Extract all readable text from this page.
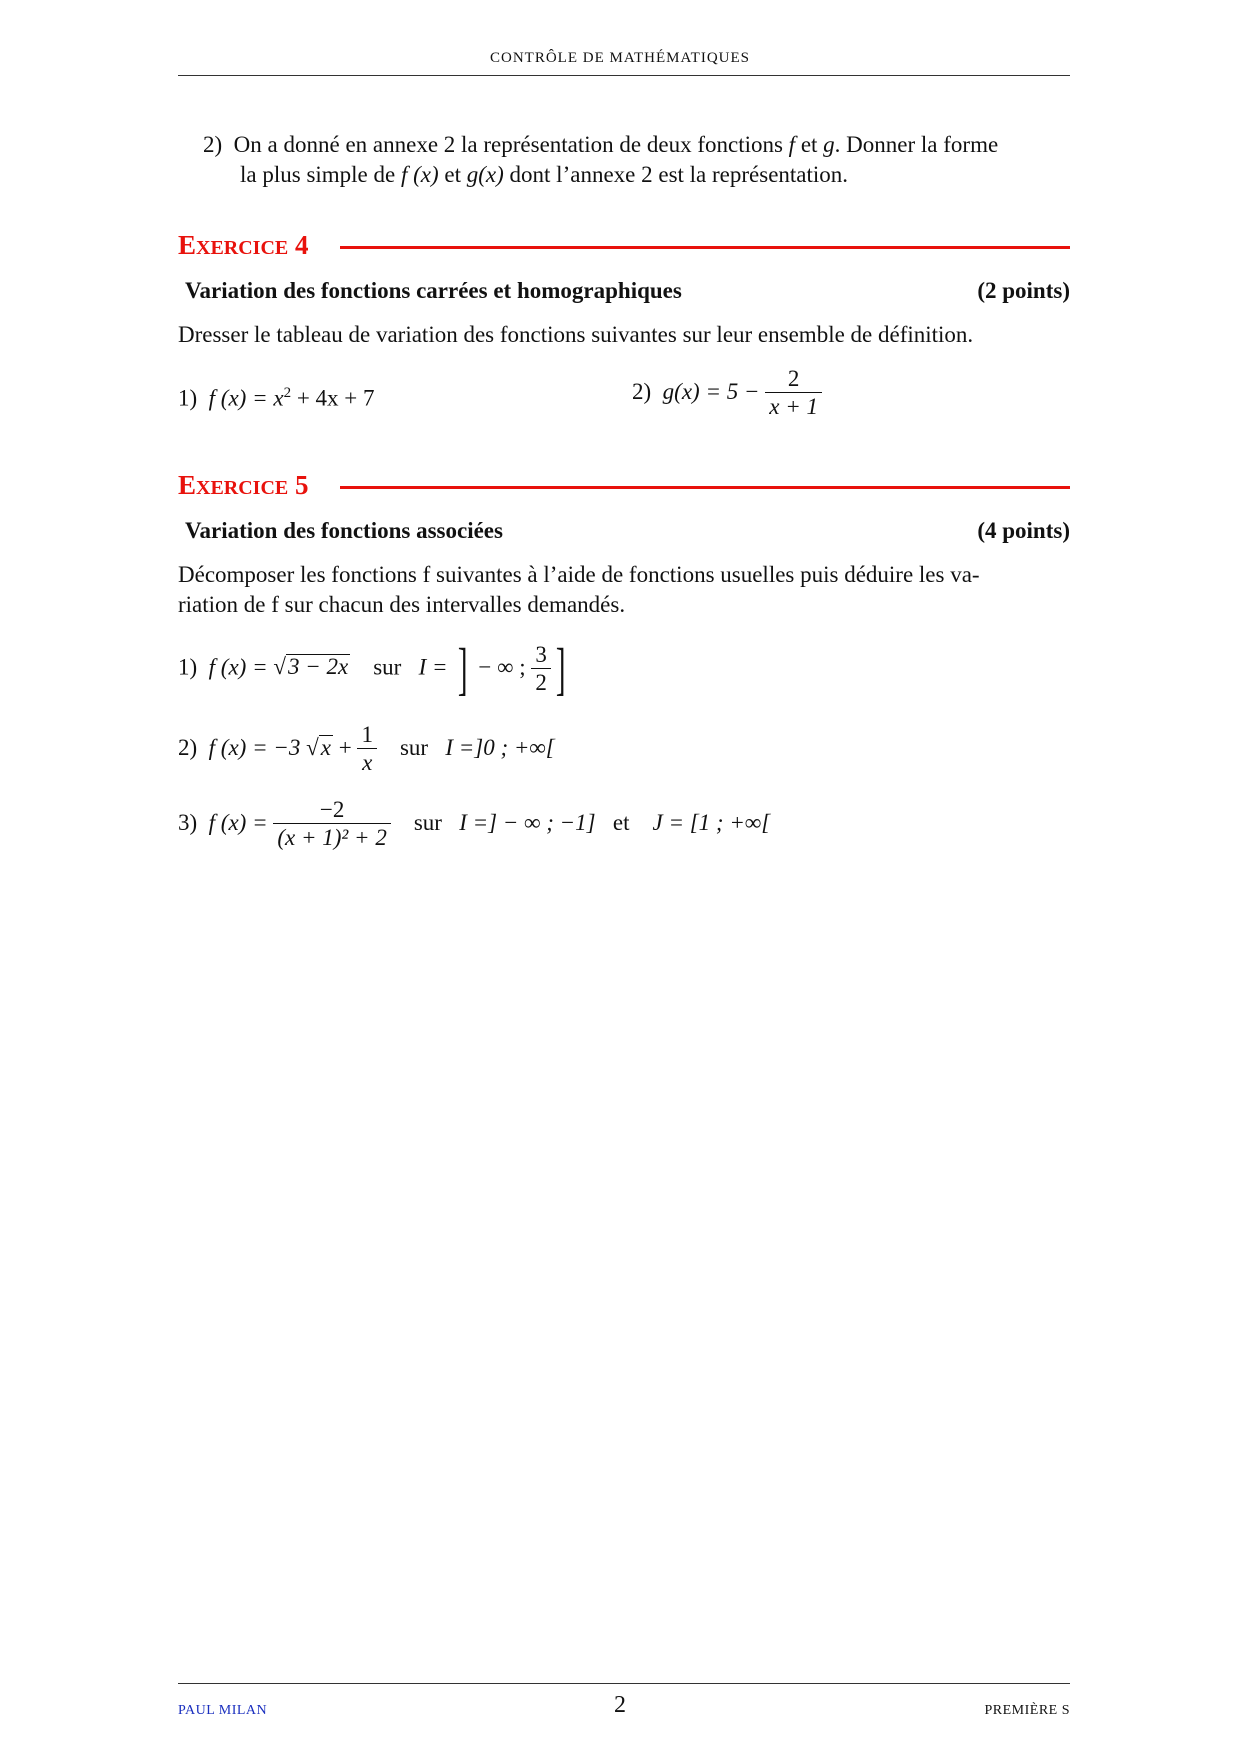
CONTRÔLE DE MATHÉMATIQUES
2) On a donné en annexe 2 la représentation de deux fonctions f et g. Donner la forme
la plus simple de f (x) et g(x) dont l’annexe 2 est la représentation.
EXERCICE 4
Variation des fonctions carrées et homographiques	(2 points)
Dresser le tableau de variation des fonctions suivantes sur leur ensemble de définition.
1) f $(x) = x^2 + 4x + 7$	2) $g(x) = 5 - \frac{2}{x + 1}$
EXERCICE 5
Variation des fonctions associées	(4 points)
Décomposer les fonctions f suivantes à l’aide de fonctions usuelles puis déduire les va-
riation de f sur chacun des intervalles demandés.
1) f (x) = √3 − 2x sur I = ] − ∞ ; $\frac{3}{2}$ ]
2) f (x) = −3 $√x + \frac{1}{x}$ sur I =]0 ; +∞[
3) f $(x) = \frac{-2}{\text{(x + 1)² + 2}}$ sur I =] − ∞ ; −1] et J = [1 ; +∞[
PAUL MILAN	2	PREMIÈRE S
